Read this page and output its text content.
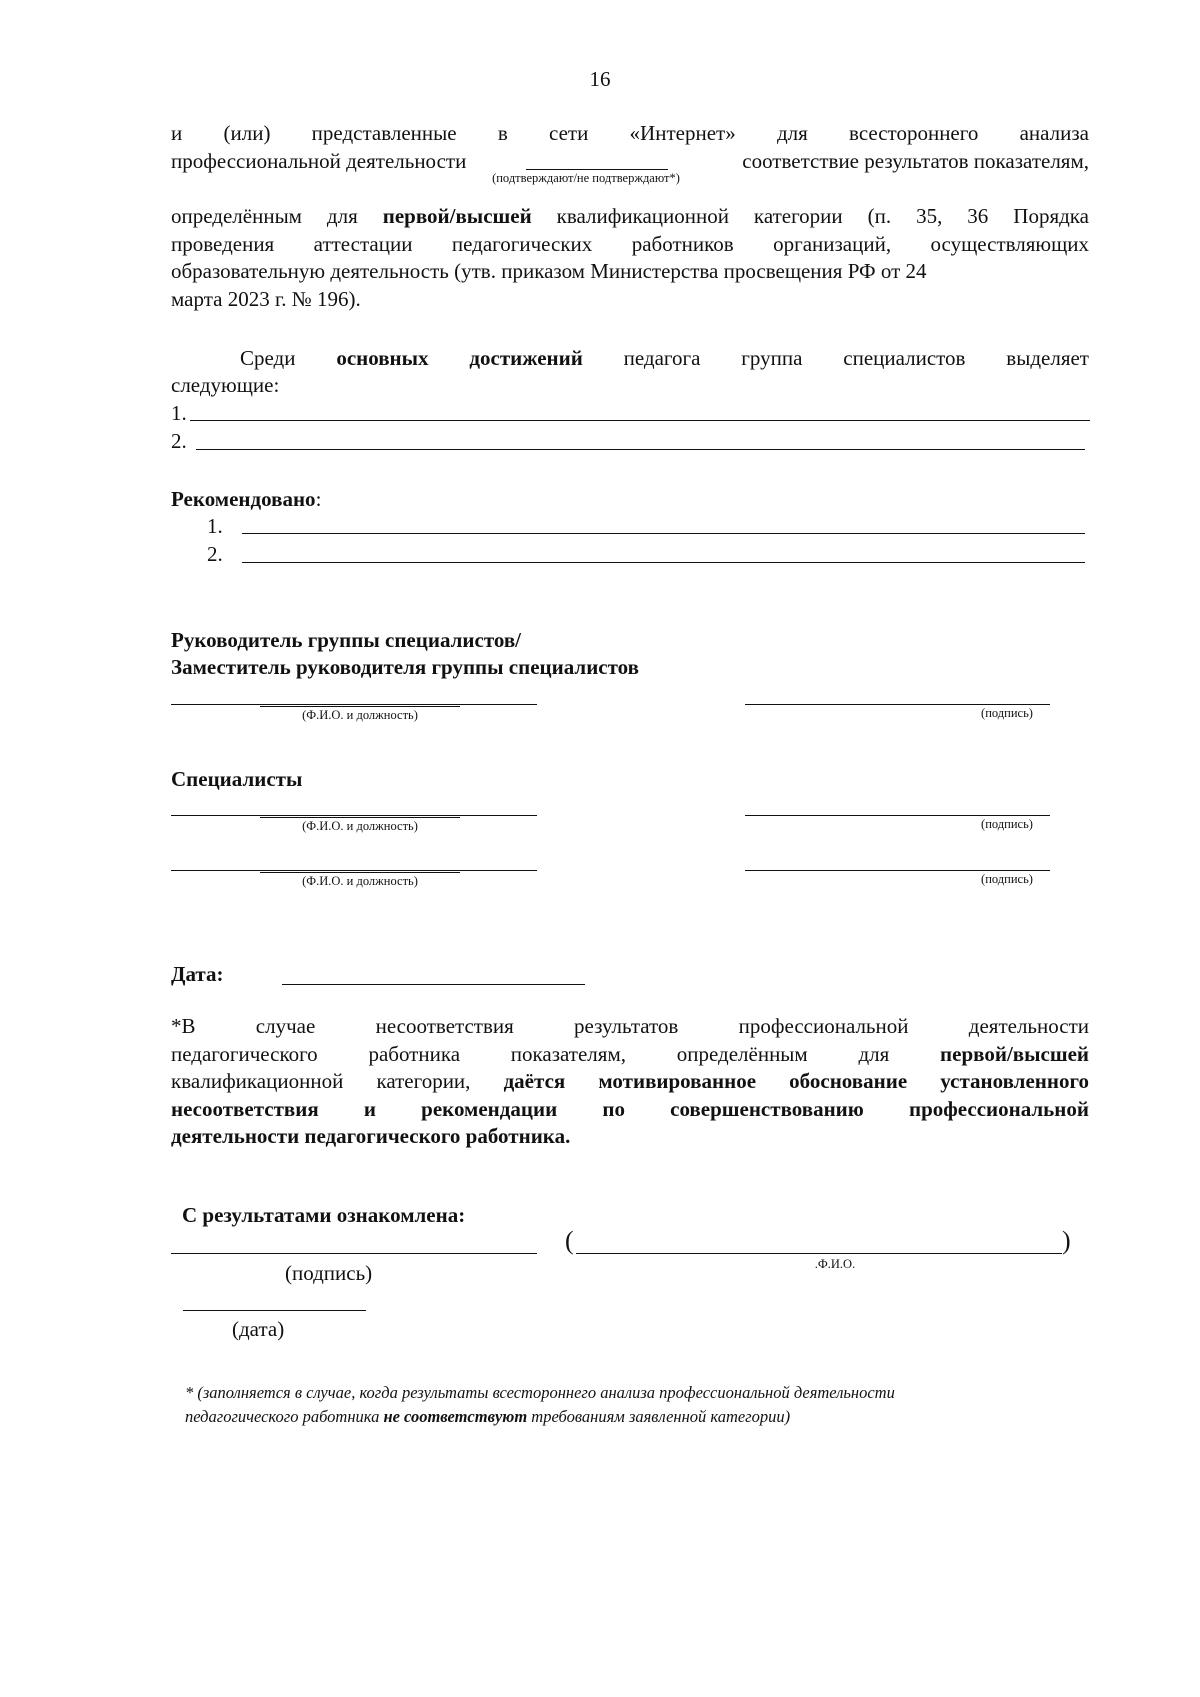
16
и (или) представленные в сети «Интернет» для всестороннего анализа
профессиональной деятельности	соответствие результатов показателям,
(подтверждают/не подтверждают*)
определённым для первой/высшей квалификационной категории (п. 35, 36 Порядка
проведения аттестации педагогических работников организаций, осуществляющих
образовательную деятельность (утв. приказом Министерства просвещения РФ от 24
марта 2023 г. № 196).
Среди основных достижений педагога группа специалистов выделяет
следующие:
1.
2.
Рекомендовано:
1.
2.
Руководитель группы специалистов/
Заместитель руководителя группы специалистов
(Ф.И.О. и должность)	(подпись)
Специалисты
(Ф.И.О. и должность)	(подпись)
(Ф.И.О. и должность)	(подпись)
Дата:
*В случае несоответствия результатов профессиональной деятельности
педагогического работника показателям, определённым для первой/высшей
квалификационной категории, даётся мотивированное обоснование установленного
несоответствия и рекомендации по совершенствованию профессиональной
деятельности педагогического работника.
С результатами ознакомлена:
(подпись)
(	)
.Ф.И.О.
(дата)
* (заполняется в случае, когда результаты всестороннего анализа профессиональной деятельности
педагогического работника не соответствуют требованиям заявленной категории)
